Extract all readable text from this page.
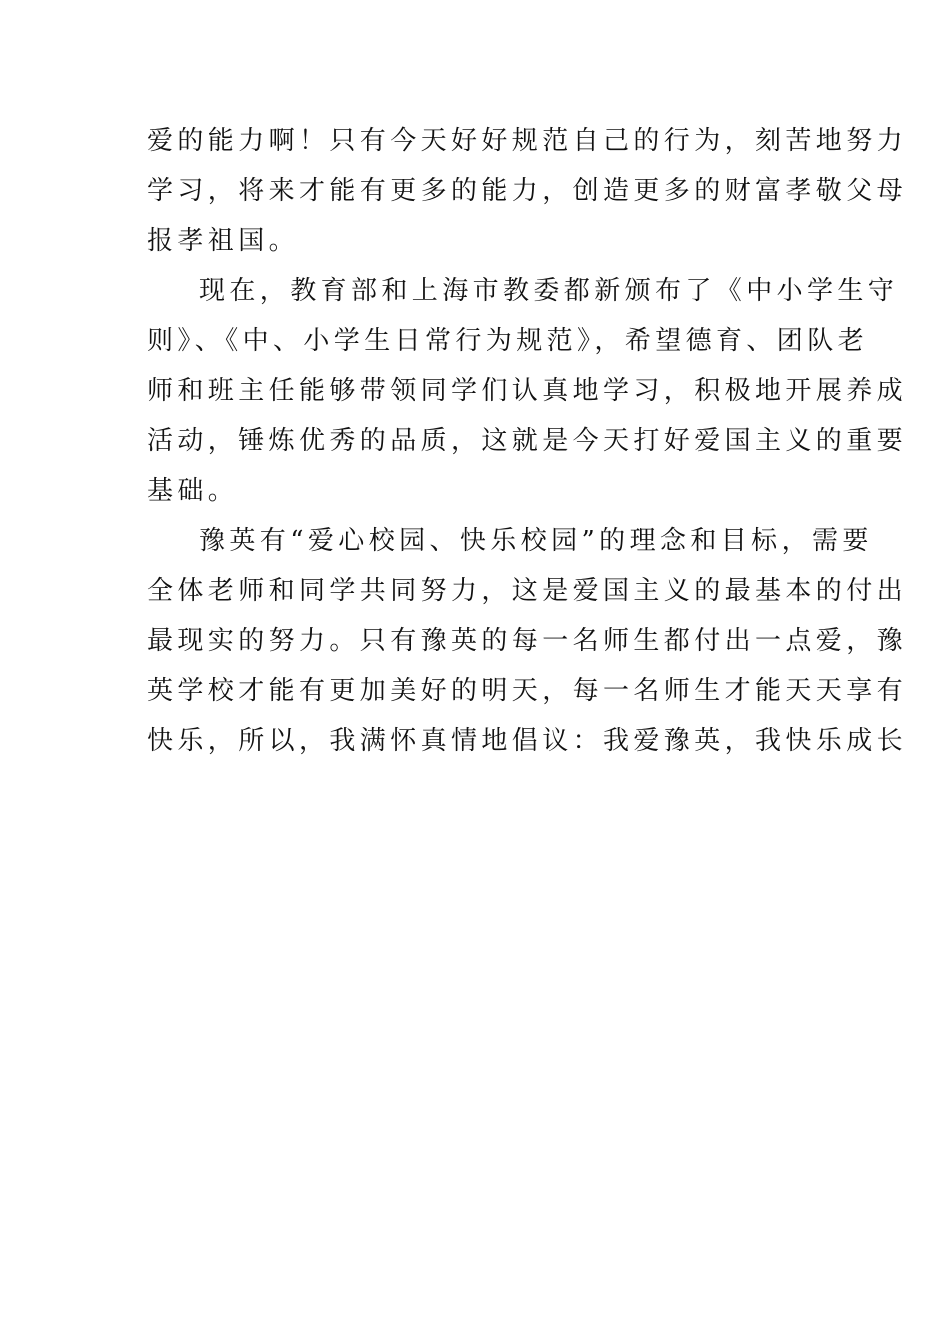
爱的能力啊！只有今天好好规范自己的行为，刻苦地努力
学习，将来才能有更多的能力，创造更多的财富孝敬父母
报孝祖国。
现在，教育部和上海市教委都新颁布了《中小学生守
则》、《中、小学生日常行为规范》，希望德育、团队老
师和班主任能够带领同学们认真地学习，积极地开展养成
活动，锤炼优秀的品质，这就是今天打好爱国主义的重要
基础。
豫英有“爱心校园、快乐校园”的理念和目标，需要
全体老师和同学共同努力，这是爱国主义的最基本的付出
最现实的努力。只有豫英的每一名师生都付出一点爱，豫
英学校才能有更加美好的明天，每一名师生才能天天享有
快乐，所以，我满怀真情地倡议：我爱豫英，我快乐成长
